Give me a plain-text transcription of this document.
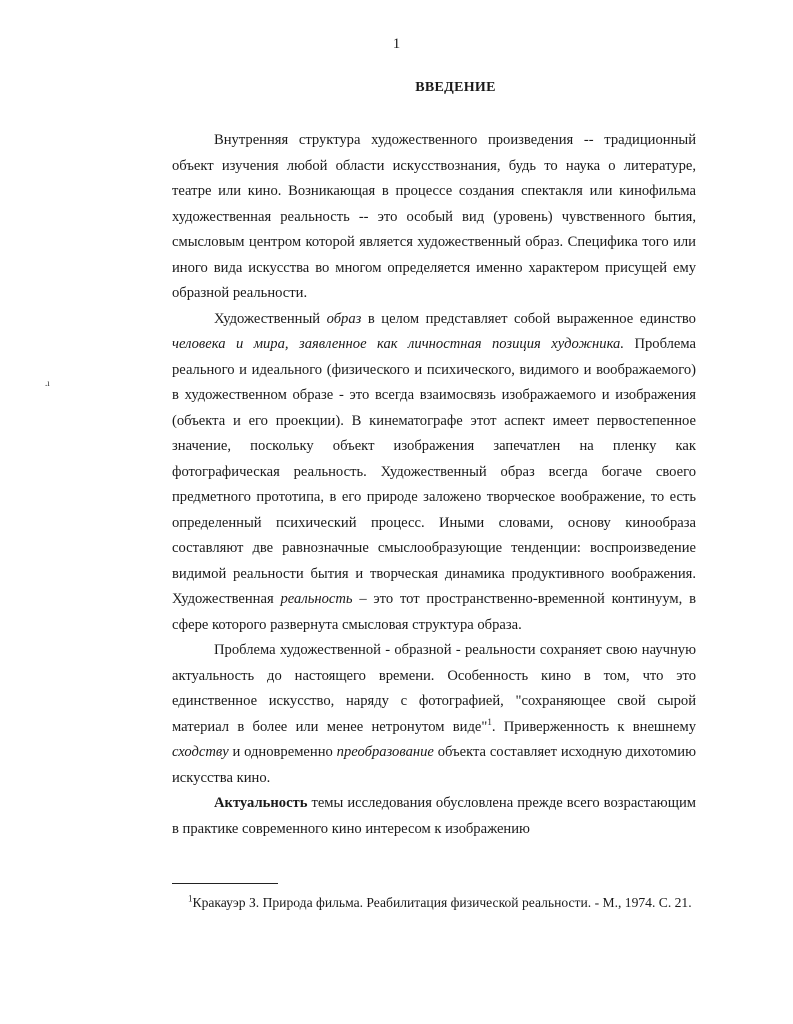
1
ВВЕДЕНИЕ
.ı

Внутренняя структура художественного произведения -- традиционный объект изучения любой области искусствознания, будь то наука о литературе, театре или кино. Возникающая в процессе создания спектакля или кинофильма художественная реальность -- это особый вид (уровень) чувственного бытия, смысловым центром которой является художественный образ. Специфика того или иного вида искусства во многом определяется именно характером присущей ему образной реальности.

Художественный образ в целом представляет собой выраженное единство человека и мира, заявленное как личностная позиция художника. Проблема реального и идеального (физического и психического, видимого и воображаемого) в художественном образе - это всегда взаимосвязь изображаемого и изображения (объекта и его проекции). В кинематографе этот аспект имеет первостепенное значение, поскольку объект изображения запечатлен на пленку как фотографическая реальность. Художественный образ всегда богаче своего предметного прототипа, в его природе заложено творческое воображение, то есть определенный психический процесс. Иными словами, основу кинообраза составляют две равнозначные смыслообразующие тенденции: воспроизведение видимой реальности бытия и творческая динамика продуктивного воображения. Художественная реальность – это тот пространственно-временной континуум, в сфере которого развернута смысловая структура образа.

Проблема художественной - образной - реальности сохраняет свою научную актуальность до настоящего времени. Особенность кино в том, что это единственное искусство, наряду с фотографией, "сохраняющее свой сырой материал в более или менее нетронутом виде"$^1$. Приверженность к внешнему сходству и одновременно преобразование объекта составляет исходную дихотомию искусства кино.

Актуальность темы исследования обусловлена прежде всего возрастающим в практике современного кино интересом к изображению

$^1$Кракауэр З. Природа фильма. Реабилитация физической реальности. - М., 1974. С. 21.
